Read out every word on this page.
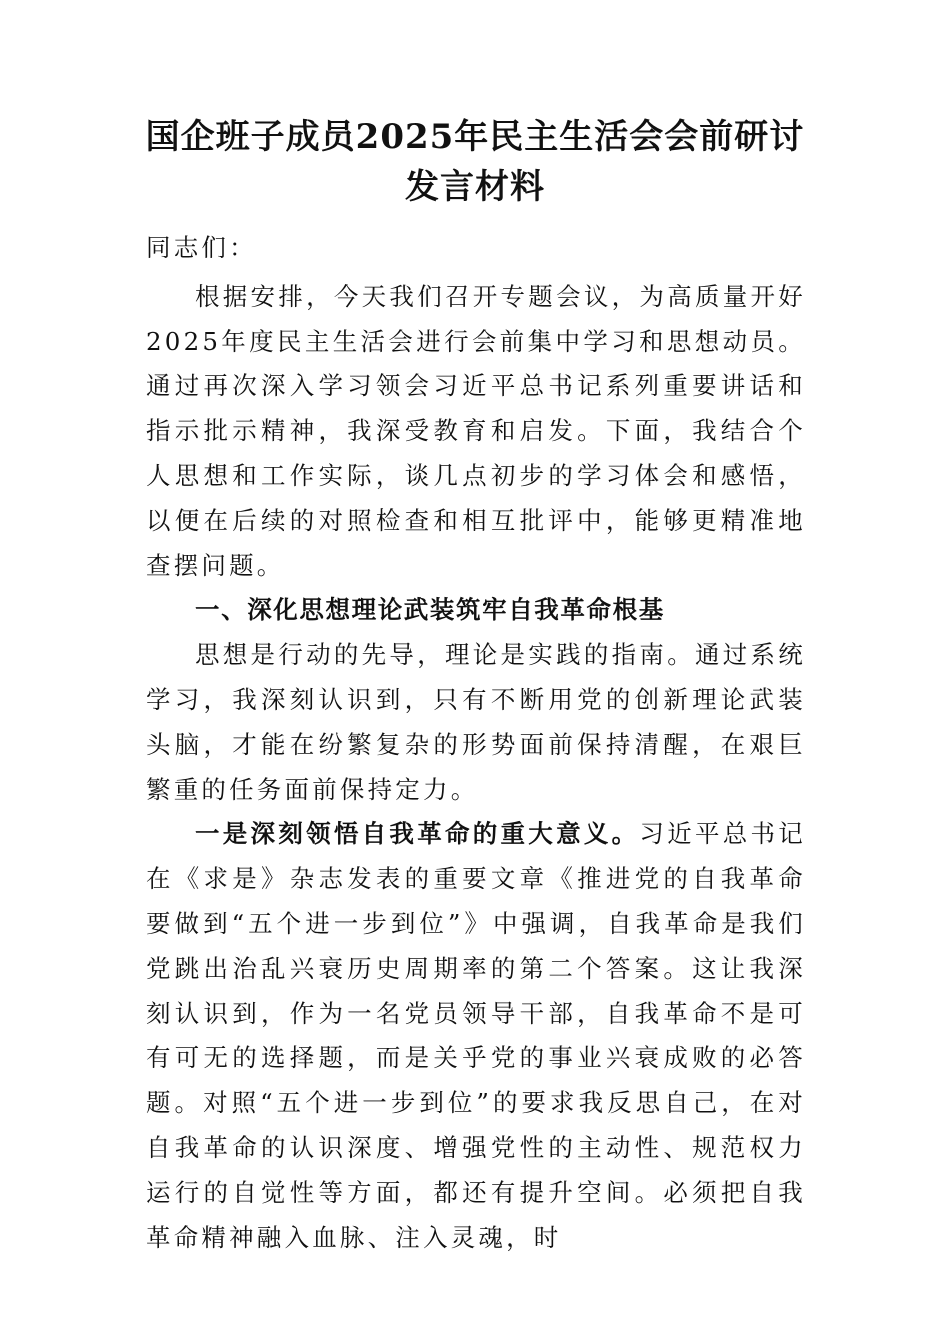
国企班子成员2025年民主生活会会前研讨
发言材料

同志们：

根据安排，今天我们召开专题会议，为高质量开好2025年度民主生活会进行会前集中学习和思想动员。通过再次深入学习领会习近平总书记系列重要讲话和指示批示精神，我深受教育和启发。下面，我结合个人思想和工作实际，谈几点初步的学习体会和感悟，以便在后续的对照检查和相互批评中，能够更精准地查摆问题。

一、深化思想理论武装筑牢自我革命根基

思想是行动的先导，理论是实践的指南。通过系统学习，我深刻认识到，只有不断用党的创新理论武装头脑，才能在纷繁复杂的形势面前保持清醒，在艰巨繁重的任务面前保持定力。

一是深刻领悟自我革命的重大意义。习近平总书记在《求是》杂志发表的重要文章《推进党的自我革命要做到“五个进一步到位”》中强调，自我革命是我们党跳出治乱兴衰历史周期率的第二个答案。这让我深刻认识到，作为一名党员领导干部，自我革命不是可有可无的选择题，而是关乎党的事业兴衰成败的必答题。对照“五个进一步到位”的要求我反思自己，在对自我革命的认识深度、增强党性的主动性、规范权力运行的自觉性等方面，都还有提升空间。必须把自我革命精神融入血脉、注入灵魂，时
